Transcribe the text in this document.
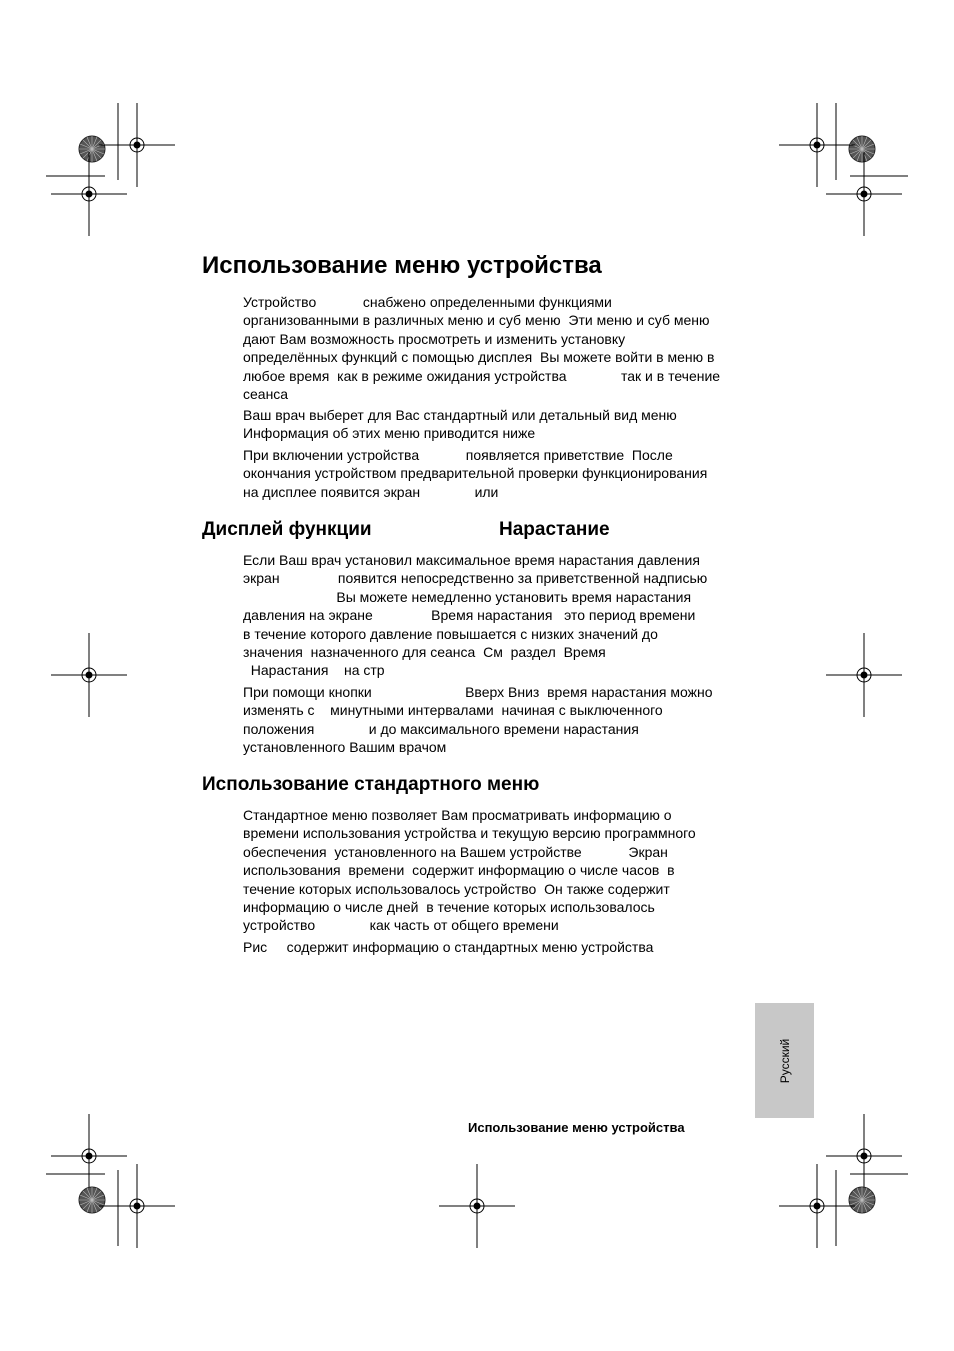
Использование меню устройства

Устройство            снабжено определенными функциями
организованными в различных меню и суб меню  Эти меню и суб меню
дают Вам возможность просмотреть и изменить установку
определённых функций с помощью дисплея  Вы можете войти в меню в
любое время  как в режиме ожидания устройства              так и в течение
сеанса

Ваш врач выберет для Вас стандартный или детальный вид меню
Информация об этих меню приводится ниже

При включении устройства            появляется приветствие  После
окончания устройством предварительной проверки функционирования
на дисплее появится экран              или

Дисплей функции	Нарастание

Если Ваш врач установил максимальное время нарастания давления
экран               появится непосредственно за приветственной надписью
Вы можете немедленно установить время нарастания
давления на экране               Время нарастания   это период времени
в течение которого давление повышается с низких значений до
значения  назначенного для сеанса  См  раздел  Время
Нарастания    на стр

При помощи кнопки                        Вверх Вниз  время нарастания можно
изменять с    минутными интервалами  начиная с выключенного
положения              и до максимального времени нарастания
установленного Вашим врачом

Использование стандартного меню

Стандартное меню позволяет Вам просматривать информацию о
времени использования устройства и текущую версию программного
обеспечения  установленного на Вашем устройстве            Экран
использования  времени  содержит информацию о числе часов  в
течение которых использовалось устройство  Он также содержит
информацию о числе дней  в течение которых использовалось
устройство              как часть от общего времени

Рис     содержит информацию о стандартных меню устройства

Русский

Использование меню устройства
